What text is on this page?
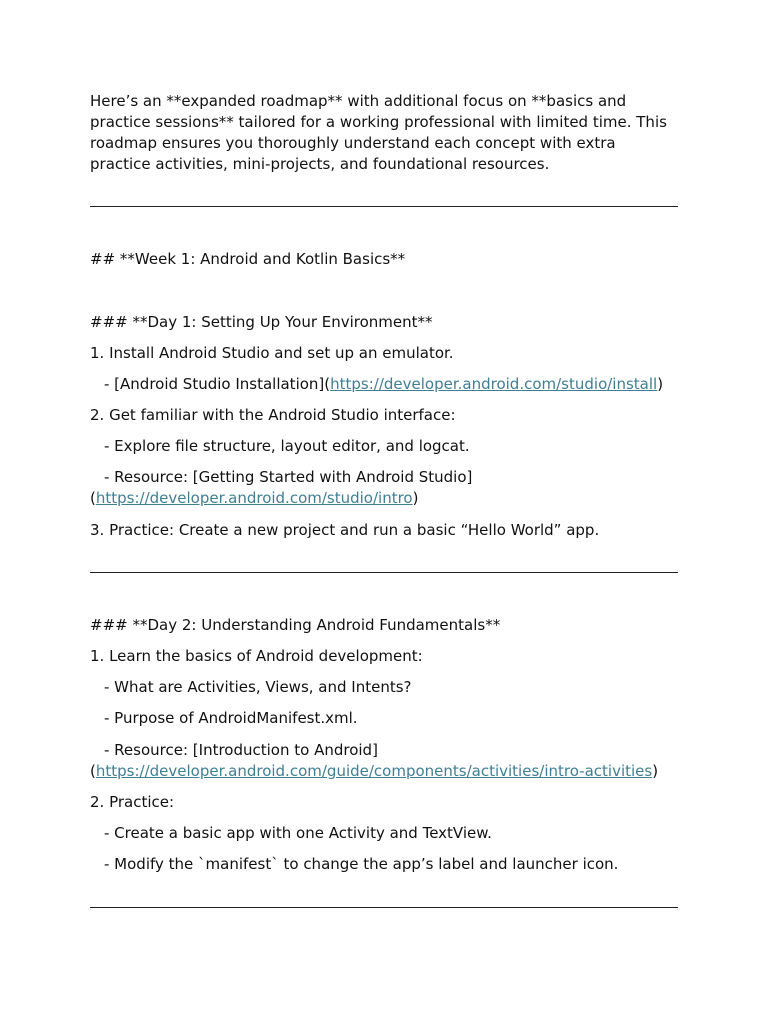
Here’s an **expanded roadmap** with additional focus on **basics and practice sessions** tailored for a working professional with limited time. This roadmap ensures you thoroughly understand each concept with extra practice activities, mini-projects, and foundational resources.

## **Week 1: Android and Kotlin Basics**

### **Day 1: Setting Up Your Environment**

1. Install Android Studio and set up an emulator.

- [Android Studio Installation](https://developer.android.com/studio/install)

2. Get familiar with the Android Studio interface:

- Explore file structure, layout editor, and logcat.

- Resource: [Getting Started with Android Studio]

(https://developer.android.com/studio/intro)

3. Practice: Create a new project and run a basic “Hello World” app.

### **Day 2: Understanding Android Fundamentals**

1. Learn the basics of Android development:

- What are Activities, Views, and Intents?

- Purpose of AndroidManifest.xml.

- Resource: [Introduction to Android]

(https://developer.android.com/guide/components/activities/intro-activities)

2. Practice:

- Create a basic app with one Activity and TextView.

- Modify the `manifest` to change the app’s label and launcher icon.
